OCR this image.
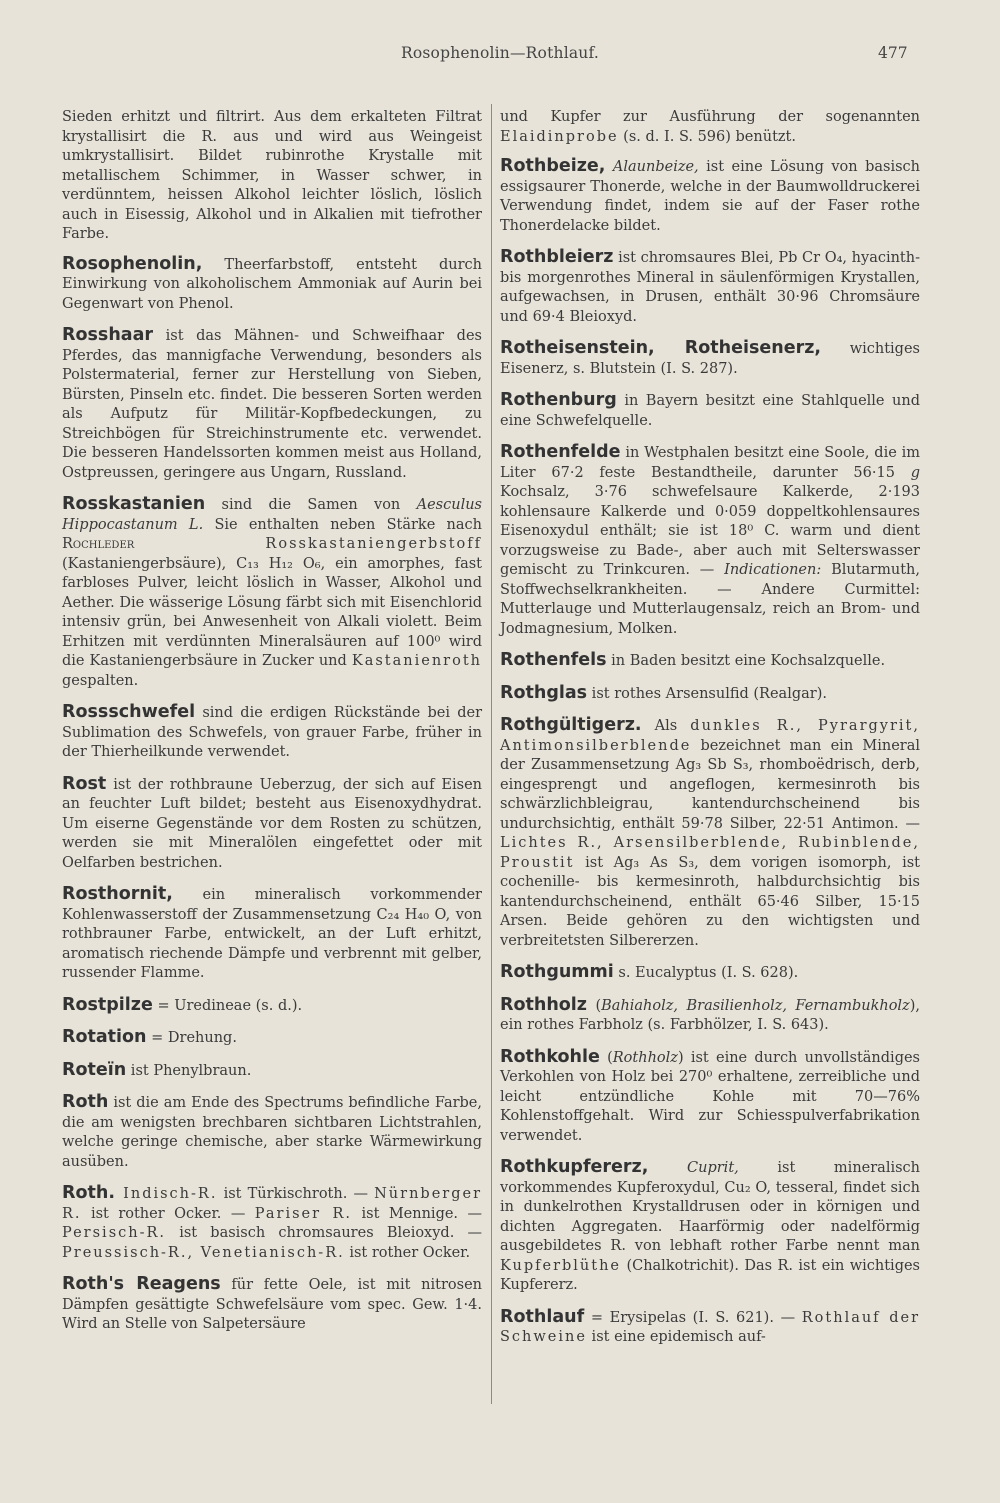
Rosophenolin—Rothlauf.	477

Sieden erhitzt und filtrirt. Aus dem erkalteten Filtrat krystallisirt die R. aus und wird aus Weingeist umkrystallisirt. Bildet rubinrothe Krystalle mit metallischem Schimmer, in Wasser schwer, in verdünntem, heissen Alkohol leichter löslich, löslich auch in Eisessig, Alkohol und in Alkalien mit tiefrother Farbe.

Rosophenolin, Theerfarbstoff, entsteht durch Einwirkung von alkoholischem Ammoniak auf Aurin bei Gegenwart von Phenol.

Rosshaar ist das Mähnen- und Schweifhaar des Pferdes, das mannigfache Verwendung, besonders als Polstermaterial, ferner zur Herstellung von Sieben, Bürsten, Pinseln etc. findet. Die besseren Sorten werden als Aufputz für Militär-Kopfbedeckungen, zu Streichbögen für Streichinstrumente etc. verwendet. Die besseren Handelssorten kommen meist aus Holland, Ostpreussen, geringere aus Ungarn, Russland.

Rosskastanien sind die Samen von Aesculus Hippocastanum L. Sie enthalten neben Stärke nach Rochleder Rosskastaniengerbstoff (Kastaniengerbsäure), C₁₃ H₁₂ O₆, ein amorphes, fast farbloses Pulver, leicht löslich in Wasser, Alkohol und Aether. Die wässerige Lösung färbt sich mit Eisenchlorid intensiv grün, bei Anwesenheit von Alkali violett. Beim Erhitzen mit verdünnten Mineralsäuren auf 100⁰ wird die Kastaniengerbsäure in Zucker und Kastanienroth gespalten.

Rossschwefel sind die erdigen Rückstände bei der Sublimation des Schwefels, von grauer Farbe, früher in der Thierheilkunde verwendet.

Rost ist der rothbraune Ueberzug, der sich auf Eisen an feuchter Luft bildet; besteht aus Eisenoxydhydrat. Um eiserne Gegenstände vor dem Rosten zu schützen, werden sie mit Mineralölen eingefettet oder mit Oelfarben bestrichen.

Rosthornit, ein mineralisch vorkommender Kohlenwasserstoff der Zusammensetzung C₂₄ H₄₀ O, von rothbrauner Farbe, entwickelt, an der Luft erhitzt, aromatisch riechende Dämpfe und verbrennt mit gelber, russender Flamme.

Rostpilze = Uredineae (s. d.).

Rotation = Drehung.

Roteïn ist Phenylbraun.

Roth ist die am Ende des Spectrums befindliche Farbe, die am wenigsten brechbaren sichtbaren Lichtstrahlen, welche geringe chemische, aber starke Wärmewirkung ausüben.

Roth. Indisch-R. ist Türkischroth. — Nürnberger R. ist rother Ocker. — Pariser R. ist Mennige. — Persisch-R. ist basisch chromsaures Bleioxyd. — Preussisch-R., Venetianisch-R. ist rother Ocker.

Roth's Reagens für fette Oele, ist mit nitrosen Dämpfen gesättigte Schwefelsäure vom spec. Gew. 1·4. Wird an Stelle von Salpetersäure

und Kupfer zur Ausführung der sogenannten Elaidinprobe (s. d. I. S. 596) benützt.

Rothbeize, Alaunbeize, ist eine Lösung von basisch essigsaurer Thonerde, welche in der Baumwolldruckerei Verwendung findet, indem sie auf der Faser rothe Thonerdelacke bildet.

Rothbleierz ist chromsaures Blei, Pb Cr O₄, hyacinth- bis morgenrothes Mineral in säulenförmigen Krystallen, aufgewachsen, in Drusen, enthält 30·96 Chromsäure und 69·4 Bleioxyd.

Rotheisenstein, Rotheisenerz, wichtiges Eisenerz, s. Blutstein (I. S. 287).

Rothenburg in Bayern besitzt eine Stahlquelle und eine Schwefelquelle.

Rothenfelde in Westphalen besitzt eine Soole, die im Liter 67·2 feste Bestandtheile, darunter 56·15 g Kochsalz, 3·76 schwefelsaure Kalkerde, 2·193 kohlensaure Kalkerde und 0·059 doppeltkohlensaures Eisenoxydul enthält; sie ist 18⁰ C. warm und dient vorzugsweise zu Bade-, aber auch mit Selterswasser gemischt zu Trinkcuren. — Indicationen: Blutarmuth, Stoffwechselkrankheiten. — Andere Curmittel: Mutterlauge und Mutterlaugensalz, reich an Brom- und Jodmagnesium, Molken.

Rothenfels in Baden besitzt eine Kochsalzquelle.

Rothglas ist rothes Arsensulfid (Realgar).

Rothgültigerz. Als dunkles R., Pyrargyrit, Antimonsilberblende bezeichnet man ein Mineral der Zusammensetzung Ag₃ Sb S₃, rhomboëdrisch, derb, eingesprengt und angeflogen, kermesinroth bis schwärzlichbleigrau, kantendurchscheinend bis undurchsichtig, enthält 59·78 Silber, 22·51 Antimon. — Lichtes R., Arsensilberblende, Rubinblende, Proustit ist Ag₃ As S₃, dem vorigen isomorph, ist cochenille- bis kermesinroth, halbdurchsichtig bis kantendurchscheinend, enthält 65·46 Silber, 15·15 Arsen. Beide gehören zu den wichtigsten und verbreitetsten Silbererzen.

Rothgummi s. Eucalyptus (I. S. 628).

Rothholz (Bahiaholz, Brasilienholz, Fernambukholz), ein rothes Farbholz (s. Farbhölzer, I. S. 643).

Rothkohle (Rothholz) ist eine durch unvollständiges Verkohlen von Holz bei 270⁰ erhaltene, zerreibliche und leicht entzündliche Kohle mit 70—76% Kohlenstoffgehalt. Wird zur Schiesspulverfabrikation verwendet.

Rothkupfererz, Cuprit, ist mineralisch vorkommendes Kupferoxydul, Cu₂ O, tesseral, findet sich in dunkelrothen Krystalldrusen oder in körnigen und dichten Aggregaten. Haarförmig oder nadelförmig ausgebildetes R. von lebhaft rother Farbe nennt man Kupferblüthe (Chalkotrichit). Das R. ist ein wichtiges Kupfererz.

Rothlauf = Erysipelas (I. S. 621). — Rothlauf der Schweine ist eine epidemisch auf-
